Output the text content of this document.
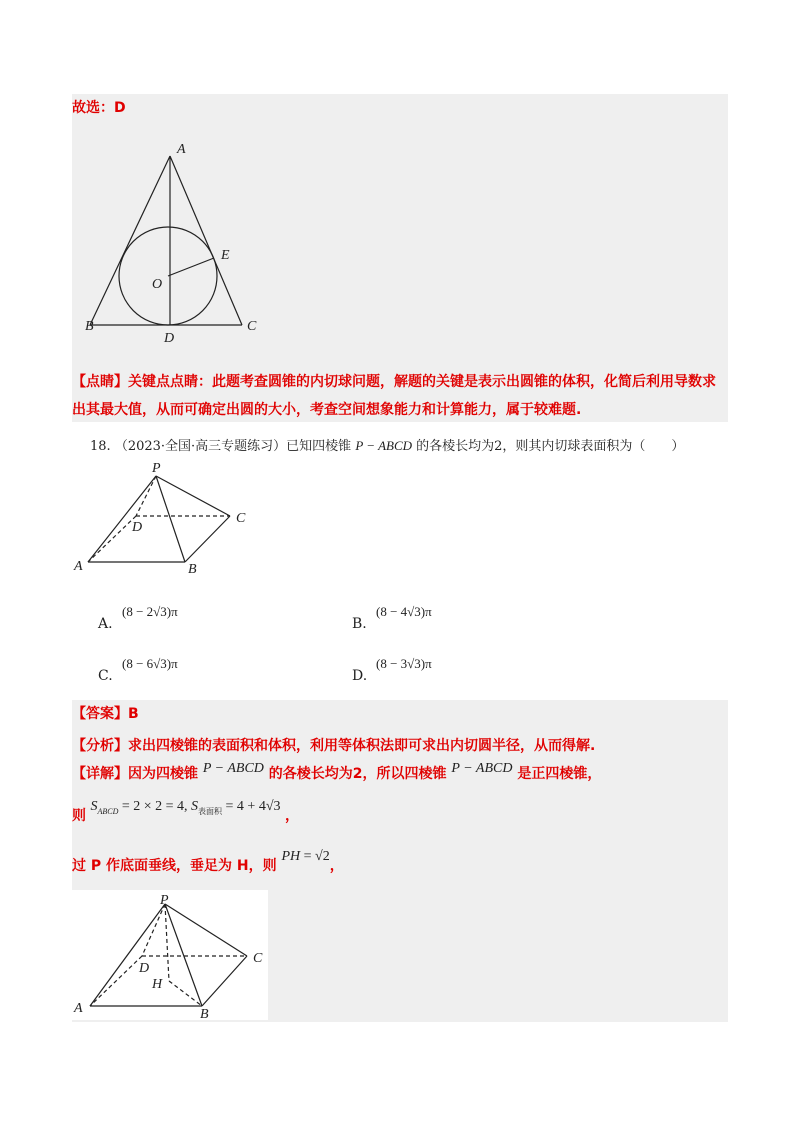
故选：D
A
B	C
D
E
O
【点睛】关键点点睛：此题考查圆锥的内切球问题，解题的关键是表示出圆锥的体积，化简后利用导数求
出其最大值，从而可确定出圆的大小，考查空间想象能力和计算能力，属于较难题.
18. （2023·全国·高三专题练习）已知四棱锥 P − ABCD 的各棱长均为2，则其内切球表面积为（　　）
P
A	B
C
D
A.
(8 − 2√3)π
B.
(8 − 4√3)π
C.
(8 − 6√3)π
D.
(8 − 3√3)π
【答案】B
【分析】求出四棱锥的表面积和体积，利用等体积法即可求出内切圆半径，从而得解.
【详解】因为四棱锥 P − ABCD 的各棱长均为2，所以四棱锥 P − ABCD 是正四棱锥，
则 $S_{ABCD} = 2 \times 2 = 4$, $S_{表面积} = 4 + 4√3$ ，
过 P 作底面垂线，垂足为 H，则 PH = √2，
P
A	B
C
D
H
